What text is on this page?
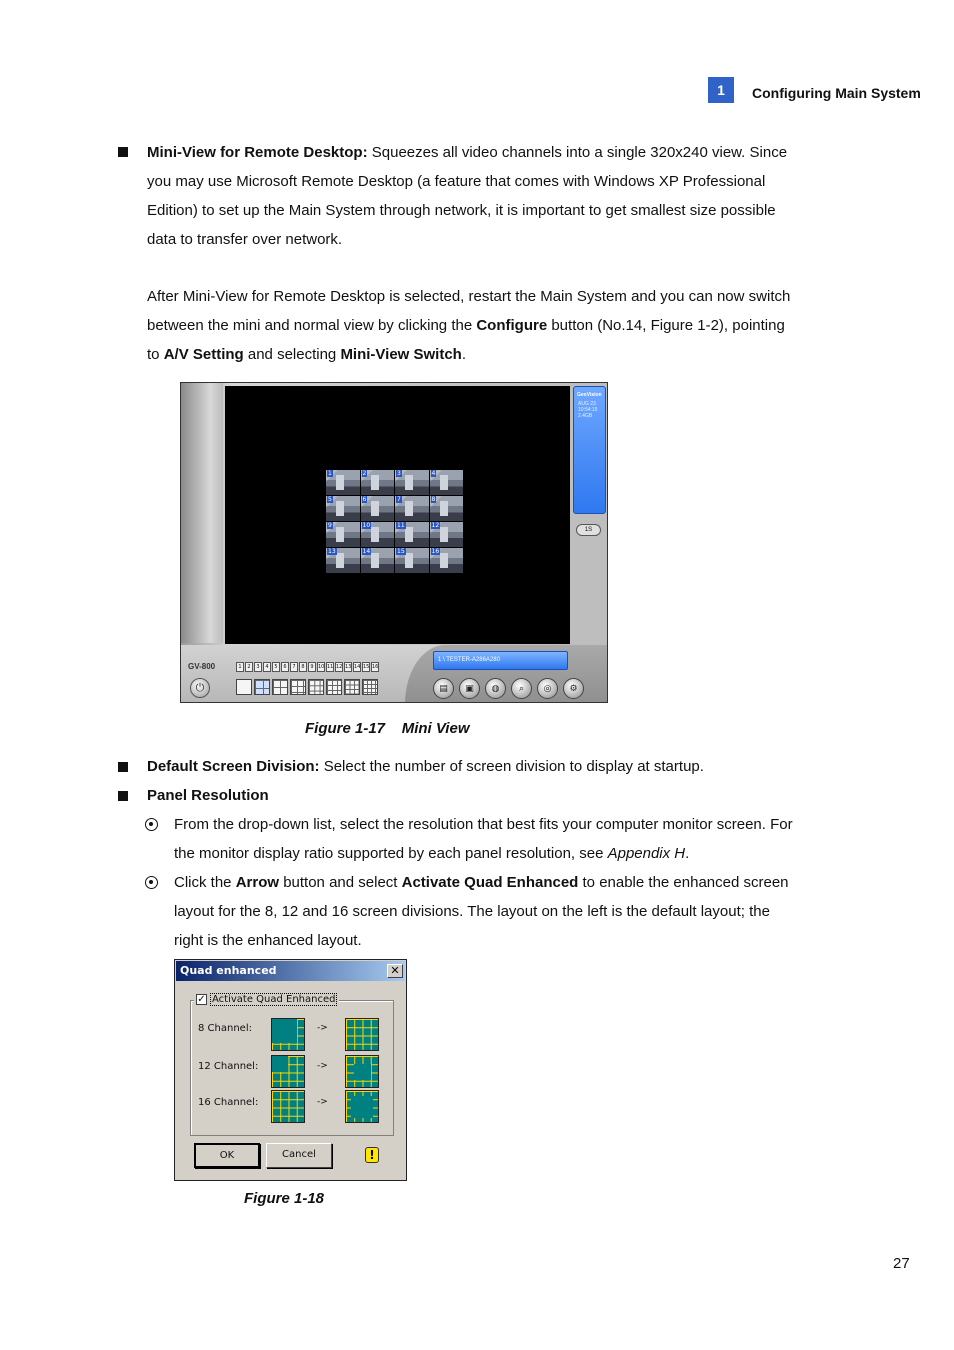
1	Configuring Main System
Mini-View for Remote Desktop: Squeezes all video channels into a single 320x240 view. Since
you may use Microsoft Remote Desktop (a feature that comes with Windows XP Professional
Edition) to set up the Main System through network, it is important to get smallest size possible
data to transfer over network.
After Mini-View for Remote Desktop is selected, restart the Main System and you can now switch
between the mini and normal view by clicking the Configure button (No.14, Figure 1-2), pointing
to A/V Setting and selecting Mini-View Switch.
1	2	3	4
5	6	7	8
9	10	11	12
13	14	15	16
GeoVision
AUG 23
10:54:15
2.4GB
1S
GV-800
⏻
1	2	3	4	5	6	7	8	9 10 11 12 13 14 15 16
1 \ TESTER-A286A280
▤	▣	◍	⌕	◎	⚙
Figure 1-17    Mini View
Default Screen Division: Select the number of screen division to display at startup.
Panel Resolution
From the drop-down list, select the resolution that best fits your computer monitor screen. For
the monitor display ratio supported by each panel resolution, see Appendix H.
Click the Arrow button and select Activate Quad Enhanced to enable the enhanced screen
layout for the 8, 12 and 16 screen divisions. The layout on the left is the default layout; the
right is the enhanced layout.
Quad enhanced	✕
✓ Activate Quad Enhanced
8 Channel:	->
12 Channel:	->
16 Channel:	->
OK	Cancel	!
Figure 1-18
27
